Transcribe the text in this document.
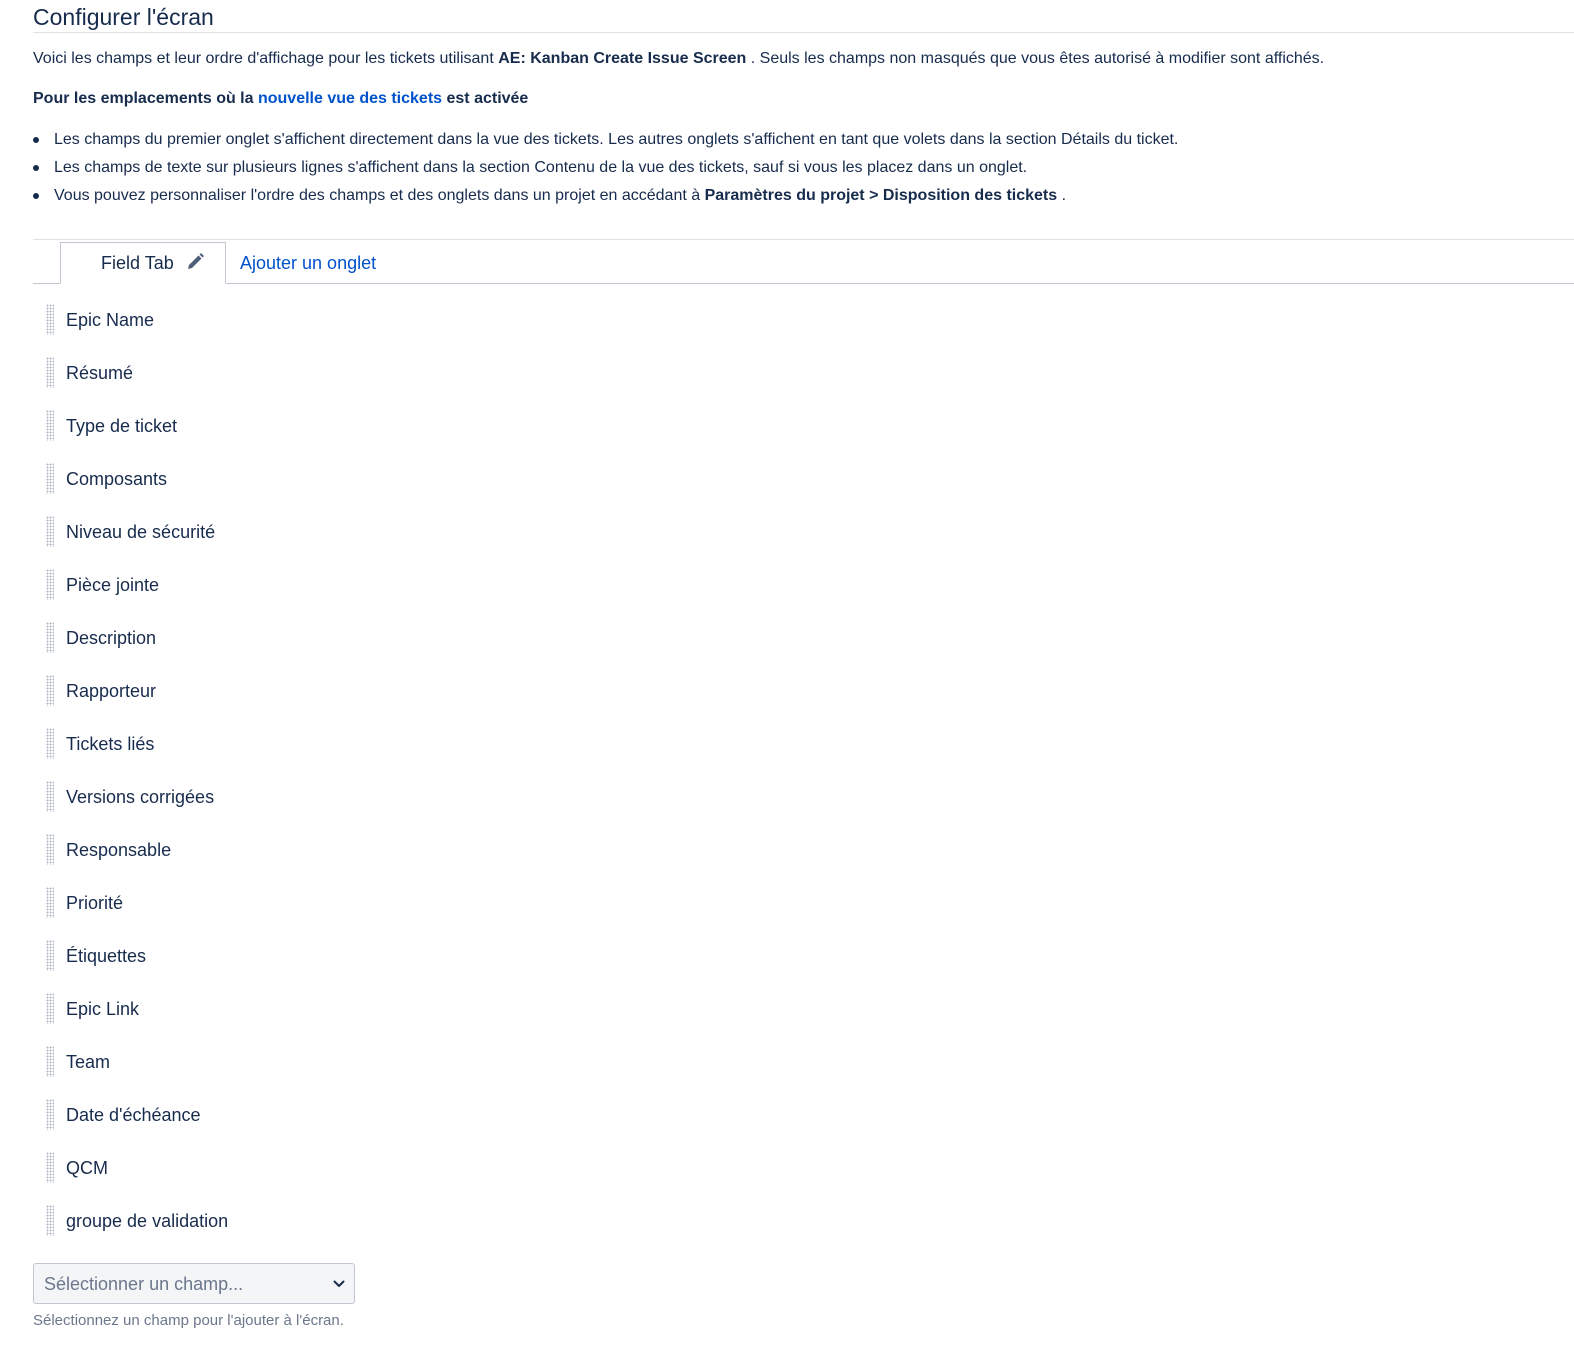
Configurer l'écran

Voici les champs et leur ordre d'affichage pour les tickets utilisant AE: Kanban Create Issue Screen . Seuls les champs non masqués que vous êtes autorisé à modifier sont affichés.

Pour les emplacements où la nouvelle vue des tickets est activée

Les champs du premier onglet s'affichent directement dans la vue des tickets. Les autres onglets s'affichent en tant que volets dans la section Détails du ticket.
Les champs de texte sur plusieurs lignes s'affichent dans la section Contenu de la vue des tickets, sauf si vous les placez dans un onglet.
Vous pouvez personnaliser l'ordre des champs et des onglets dans un projet en accédant à Paramètres du projet > Disposition des tickets .
Field Tab	Ajouter un onglet
Epic Name
Résumé
Type de ticket
Composants
Niveau de sécurité
Pièce jointe
Description
Rapporteur
Tickets liés
Versions corrigées
Responsable
Priorité
Étiquettes
Epic Link
Team
Date d'échéance
QCM
groupe de validation
Sélectionner un champ...
Sélectionnez un champ pour l'ajouter à l'écran.
